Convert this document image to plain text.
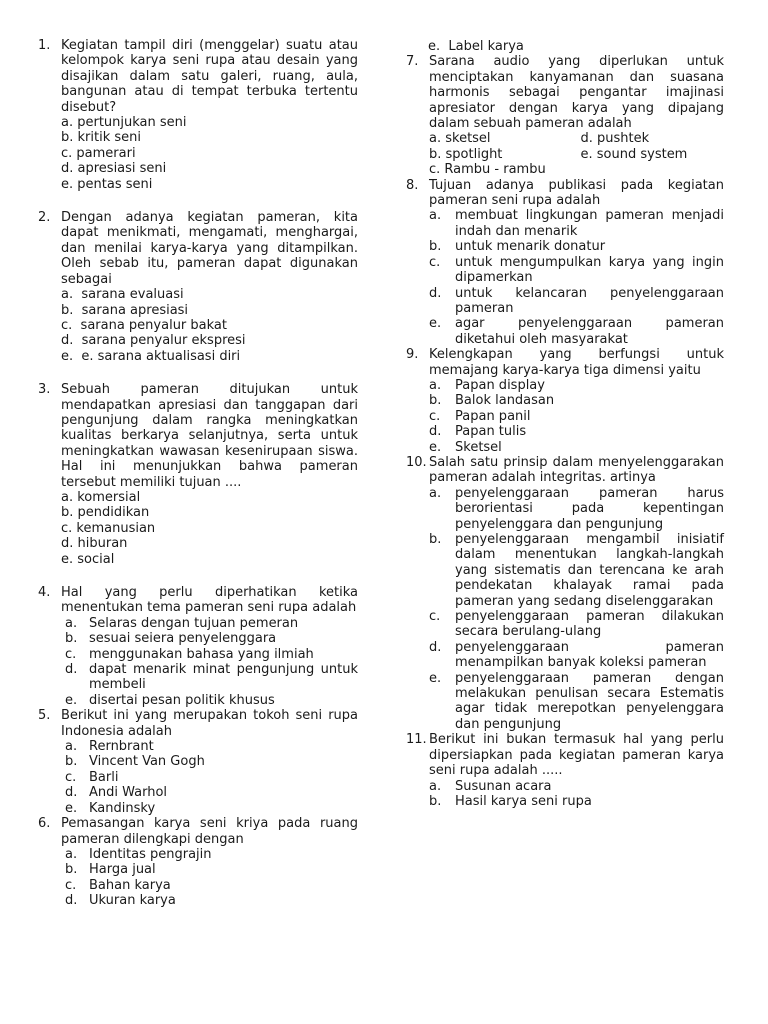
1. Kegiatan tampil diri (menggelar) suatu atau kelompok karya seni rupa atau desain yang disajikan dalam satu galeri, ruang, aula, bangunan atau di tempat terbuka tertentu disebut?
a. pertunjukan seni
b. kritik seni
c. pamerari
d. apresiasi seni
e. pentas seni
2. Dengan adanya kegiatan pameran, kita dapat menikmati, mengamati, menghargai, dan menilai karya-karya yang ditampilkan. Oleh sebab itu, pameran dapat digunakan sebagai
a.  sarana evaluasi
b.  sarana apresiasi
c.  sarana penyalur bakat
d.  sarana penyalur ekspresi
e.  e. sarana aktualisasi diri
3. Sebuah pameran ditujukan untuk mendapatkan apresiasi dan tanggapan dari pengunjung dalam rangka meningkatkan kualitas berkarya selanjutnya, serta untuk meningkatkan wawasan kesenirupaan siswa. Hal ini menunjukkan bahwa pameran tersebut memiliki tujuan ....
a. komersial
b. pendidikan
c. kemanusian
d. hiburan
e. social
4. Hal yang perlu diperhatikan ketika menentukan tema pameran seni rupa adalah
a. Selaras dengan tujuan pemeran
b. sesuai seiera penyelenggara
c. menggunakan bahasa yang ilmiah
d. dapat menarik minat pengunjung untuk membeli
e. disertai pesan politik khusus
5. Berikut ini yang merupakan tokoh seni rupa Indonesia adalah
a. Rernbrant
b. Vincent Van Gogh
c. Barli
d. Andi Warhol
e. Kandinsky
6. Pemasangan karya seni kriya pada ruang pameran dilengkapi dengan
a. Identitas pengrajin
b. Harga jual
c. Bahan karya
d. Ukuran karya
e.  Label karya
7. Sarana audio yang diperlukan untuk menciptakan kanyamanan dan suasana harmonis sebagai pengantar imajinasi apresiator dengan karya yang dipajang dalam sebuah pameran adalah
a. sketsel	d. pushtek
b. spotlight	e. sound system
c. Rambu - rambu
8. Tujuan adanya publikasi pada kegiatan pameran seni rupa adalah
a. membuat lingkungan pameran menjadi indah dan menarik
b. untuk menarik donatur
c. untuk mengumpulkan karya yang ingin dipamerkan
d. untuk kelancaran penyelenggaraan pameran
e. agar penyelenggaraan pameran diketahui oleh masyarakat
9. Kelengkapan yang berfungsi untuk memajang karya-karya tiga dimensi yaitu
a. Papan display
b. Balok landasan
c. Papan panil
d. Papan tulis
e. Sketsel
10. Salah satu prinsip dalam menyelenggarakan pameran adalah integritas. artinya
a. penyelenggaraan pameran harus berorientasi pada kepentingan penyelenggara dan pengunjung
b. penyelenggaraan mengambil inisiatif dalam menentukan langkah-langkah yang sistematis dan terencana ke arah pendekatan khalayak ramai pada pameran yang sedang diselenggarakan
c. penyelenggaraan pameran dilakukan secara berulang-ulang
d. penyelenggaraan pameran menampilkan banyak koleksi pameran
e. penyelenggaraan pameran dengan melakukan penulisan secara Estematis agar tidak merepotkan penyelenggara dan pengunjung
11. Berikut ini bukan termasuk hal yang perlu dipersiapkan pada kegiatan pameran karya seni rupa adalah .....
a. Susunan acara
b. Hasil karya seni rupa
